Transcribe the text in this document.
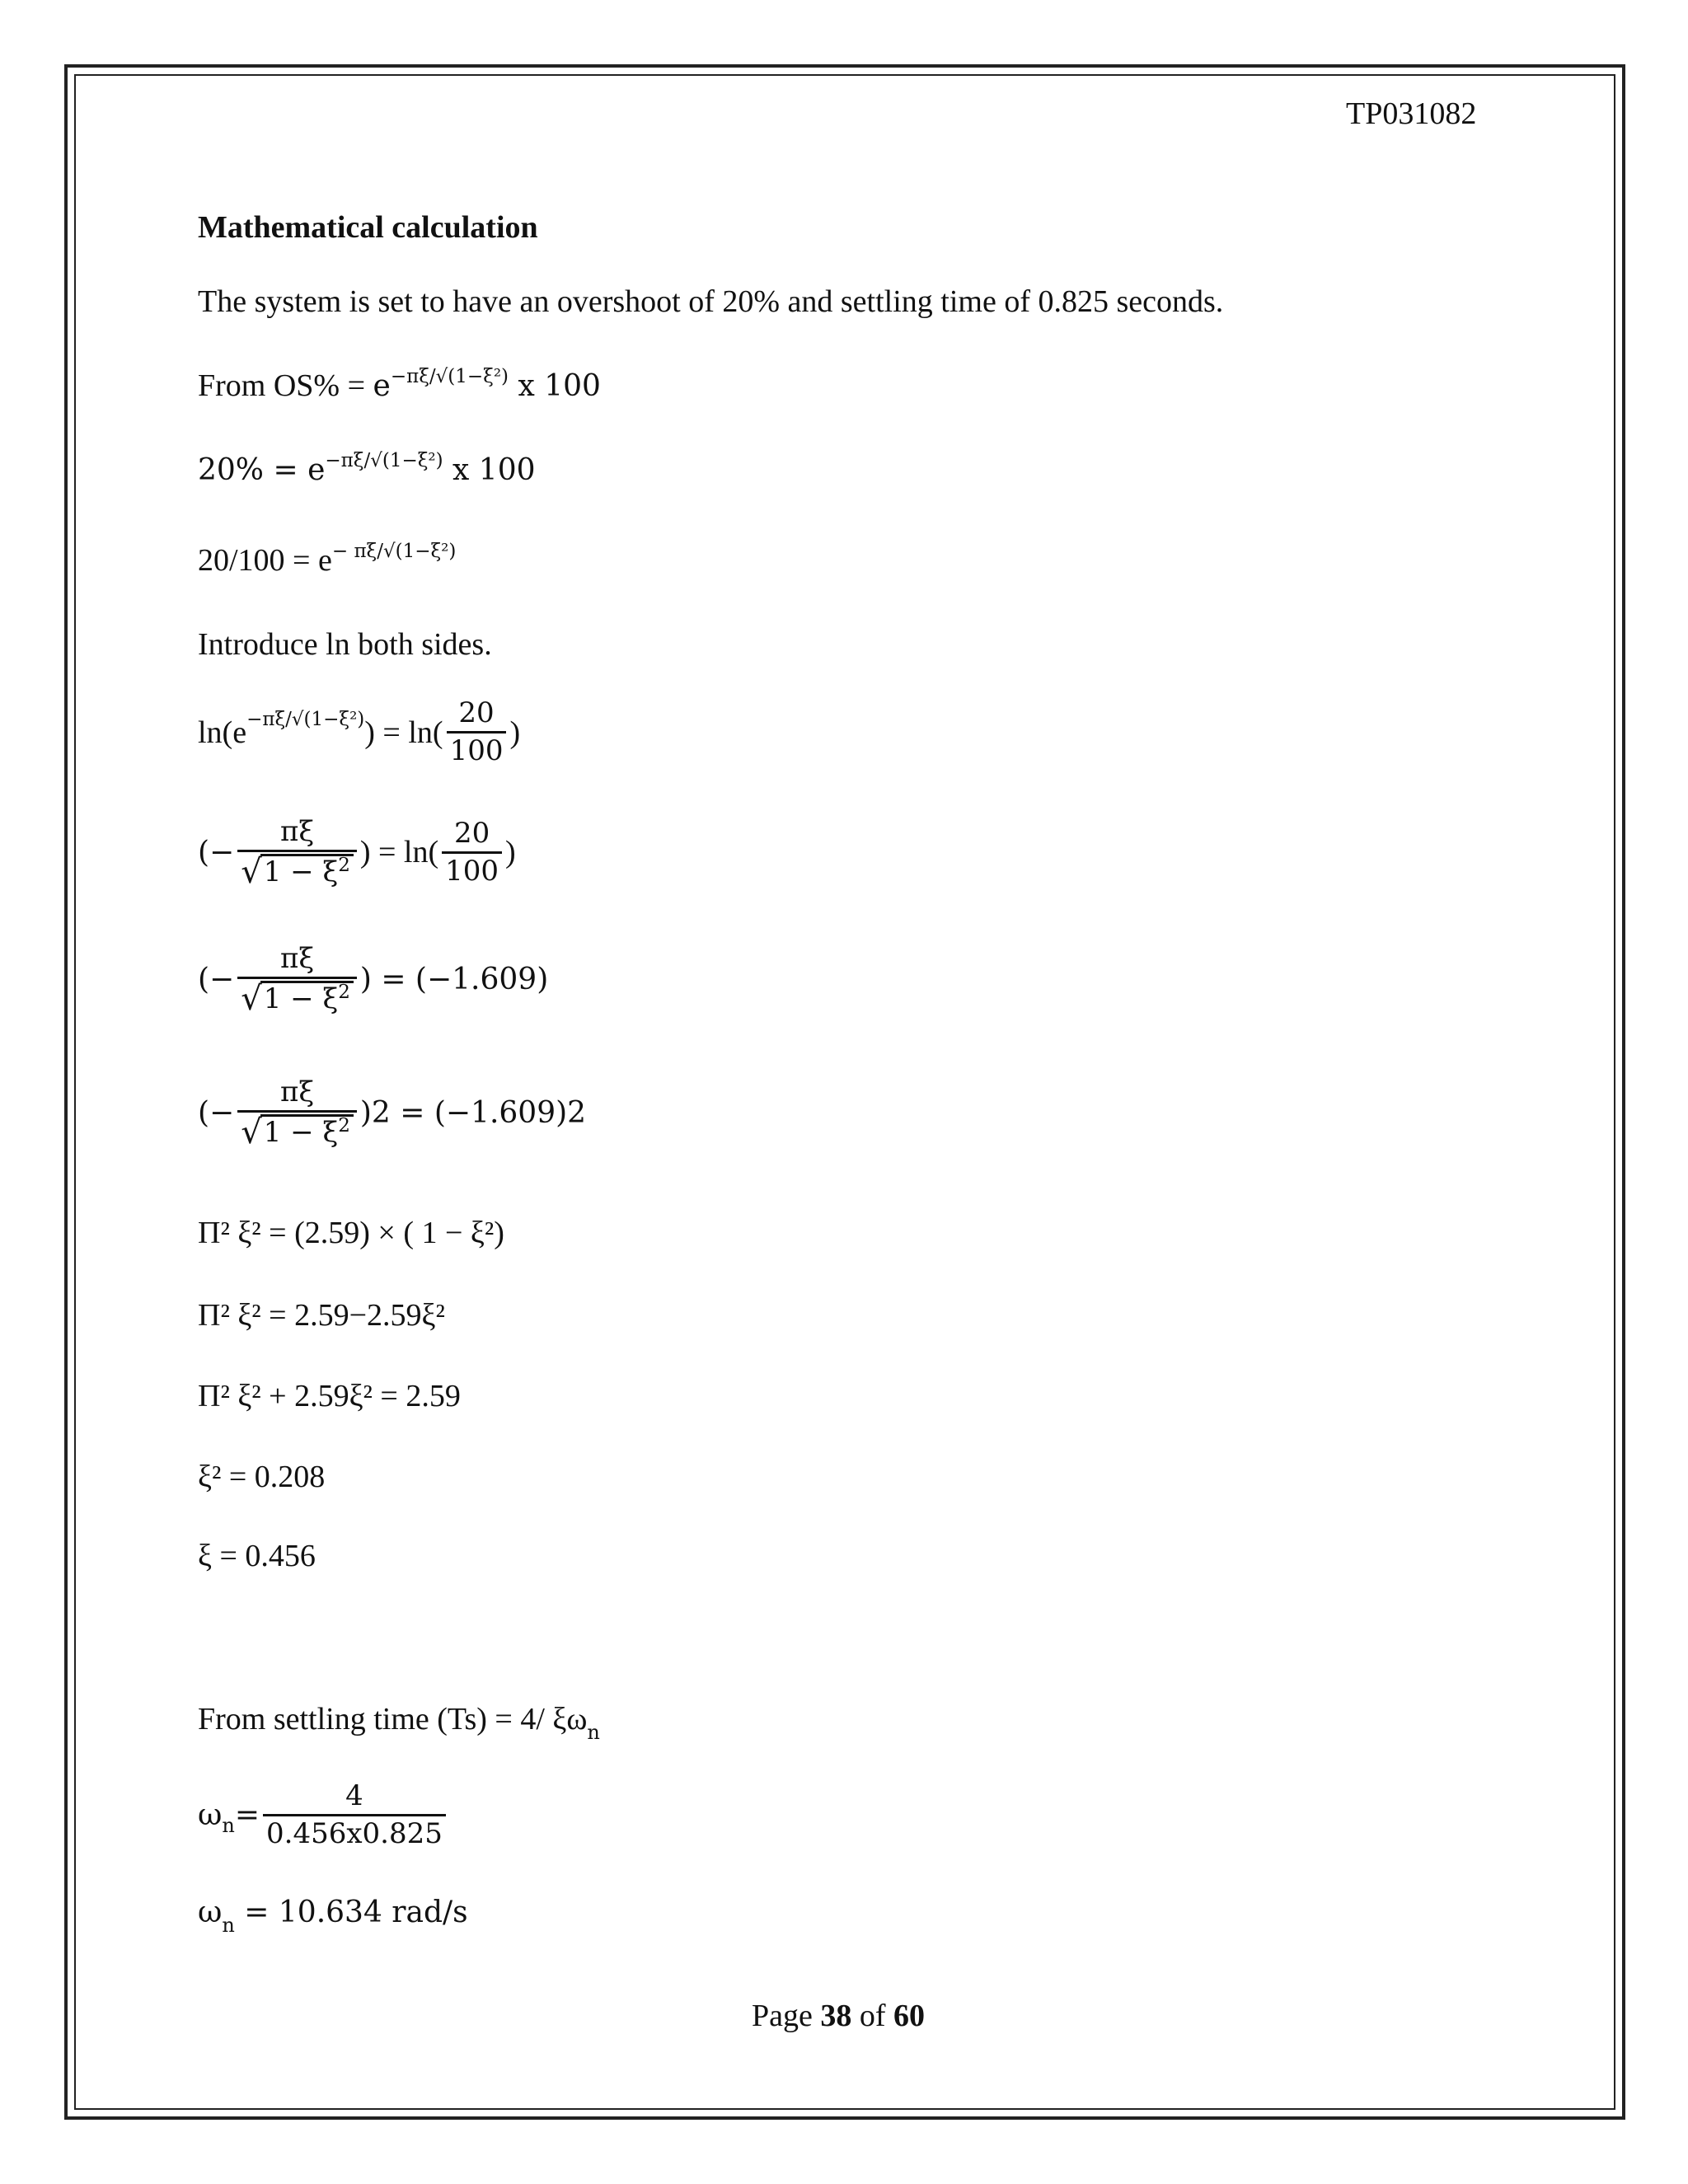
TP031082
Mathematical calculation
The system is set to have an overshoot of 20% and settling time of 0.825 seconds.
From OS% = e−πξ/√(1−ξ²) x 100
20% = e−πξ/√(1−ξ²) x 100
20/100 = e− πξ/√(1−ξ²)
Introduce ln both sides.
ln(e −πξ/√(1−ξ²) ) = $\ln( \frac{20}{100}$ )
(− $\frac{\pi\xi}{√ 1 - \xi^2}$ ) = $\ln( \frac{20}{100}$ )
(− $\frac{\pi\xi}{√ 1 - \xi^2}$ ) = (−1.609)
(− $\frac{\pi\xi}{√ 1 - \xi^2} )2 = (-1.609)2$
Π² ξ² = (2.59) × ( 1 − ξ²)
Π² ξ² = 2.59−2.59ξ²
Π² ξ² + 2.59ξ² = 2.59
ξ² = 0.208
ξ = 0.456
From settling time (Ts) = 4/ ξωn
ω $n = \frac{4}{0.456x0.825}$
ωn = 10.634 rad/s
Page 38 of 60
